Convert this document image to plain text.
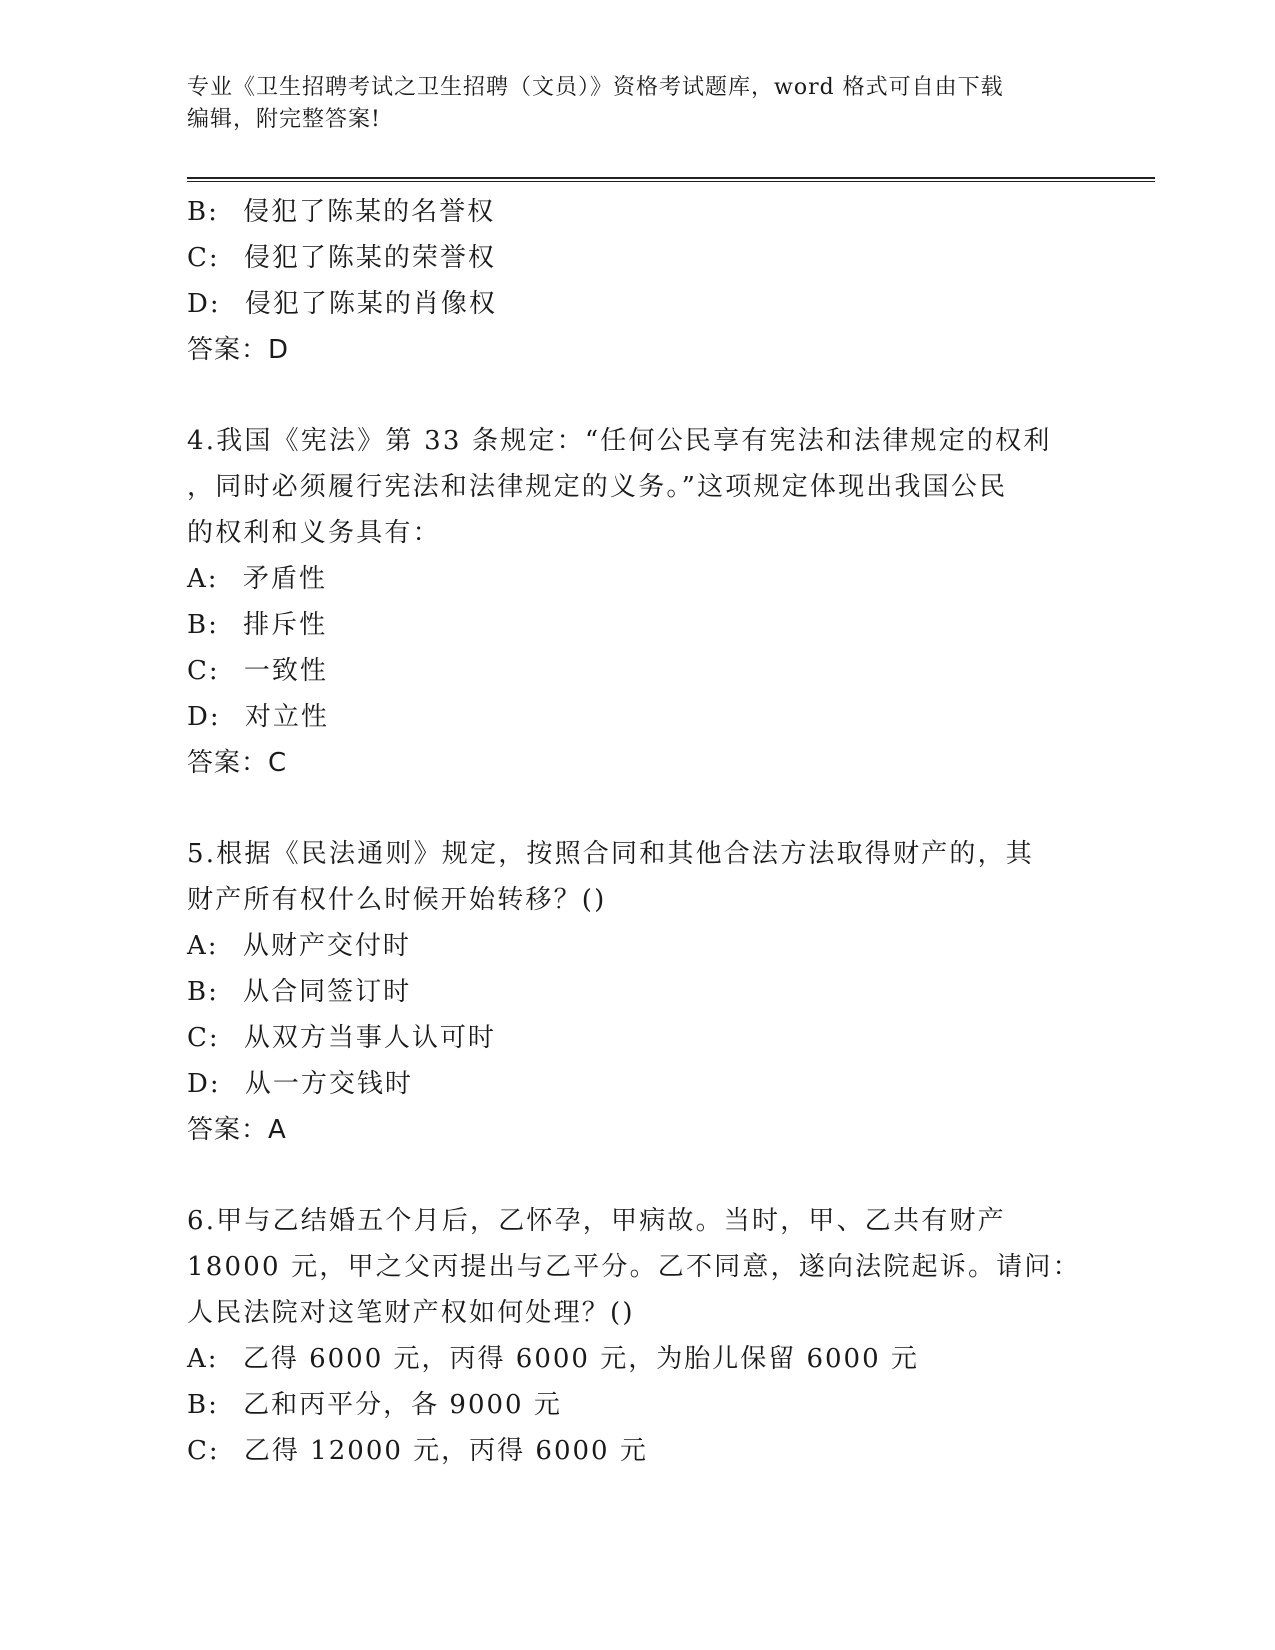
专业《卫生招聘考试之卫生招聘（文员）》资格考试题库，word 格式可自由下载
编辑，附完整答案!
B: 侵犯了陈某的名誉权
C: 侵犯了陈某的荣誉权
D: 侵犯了陈某的肖像权
答案：D
4.我国《宪法》第 33 条规定：“任何公民享有宪法和法律规定的权利
，同时必须履行宪法和法律规定的义务。”这项规定体现出我国公民
的权利和义务具有：
A: 矛盾性
B: 排斥性
C: 一致性
D: 对立性
答案：C
5.根据《民法通则》规定，按照合同和其他合法方法取得财产的，其
财产所有权什么时候开始转移？()
A: 从财产交付时
B: 从合同签订时
C: 从双方当事人认可时
D: 从一方交钱时
答案：A
6.甲与乙结婚五个月后，乙怀孕，甲病故。当时，甲、乙共有财产
18000 元，甲之父丙提出与乙平分。乙不同意，遂向法院起诉。请问：
人民法院对这笔财产权如何处理？()
A: 乙得 6000 元，丙得 6000 元，为胎儿保留 6000 元
B: 乙和丙平分，各 9000 元
C: 乙得 12000 元，丙得 6000 元
